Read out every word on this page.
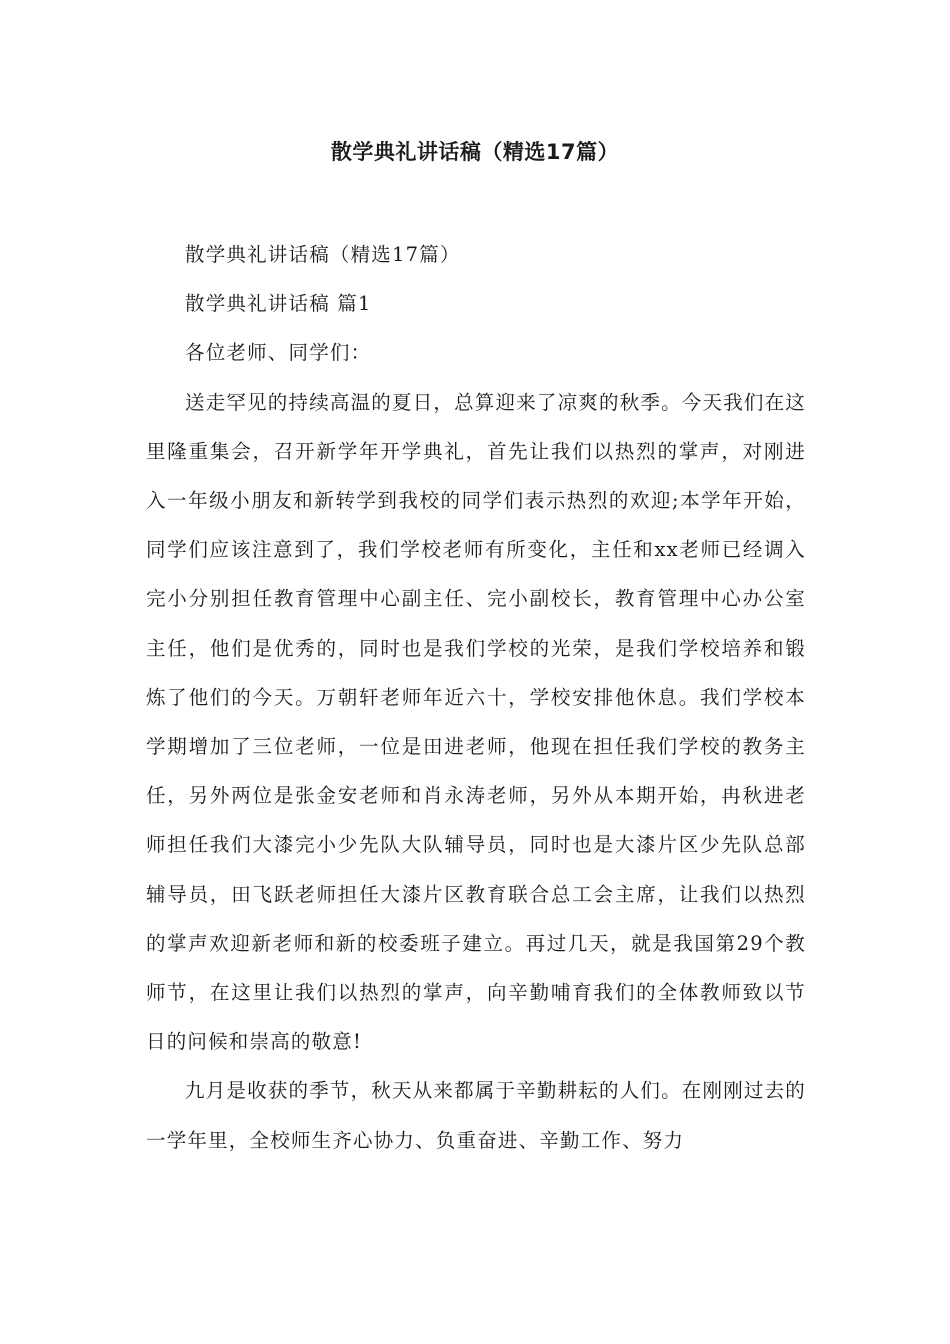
散学典礼讲话稿（精选17篇）

散学典礼讲话稿（精选17篇）

散学典礼讲话稿 篇1

各位老师、同学们：

送走罕见的持续高温的夏日，总算迎来了凉爽的秋季。今天我们在这里隆重集会，召开新学年开学典礼，首先让我们以热烈的掌声，对刚进入一年级小朋友和新转学到我校的同学们表示热烈的欢迎;本学年开始，同学们应该注意到了，我们学校老师有所变化，主任和xx老师已经调入完小分别担任教育管理中心副主任、完小副校长，教育管理中心办公室主任，他们是优秀的，同时也是我们学校的光荣，是我们学校培养和锻炼了他们的今天。万朝轩老师年近六十，学校安排他休息。我们学校本学期增加了三位老师，一位是田进老师，他现在担任我们学校的教务主任，另外两位是张金安老师和肖永涛老师，另外从本期开始，冉秋进老师担任我们大漆完小少先队大队辅导员，同时也是大漆片区少先队总部辅导员，田飞跃老师担任大漆片区教育联合总工会主席，让我们以热烈的掌声欢迎新老师和新的校委班子建立。再过几天，就是我国第29个教师节，在这里让我们以热烈的掌声，向辛勤哺育我们的全体教师致以节日的问候和崇高的敬意!

九月是收获的季节，秋天从来都属于辛勤耕耘的人们。在刚刚过去的一学年里，全校师生齐心协力、负重奋进、辛勤工作、努力
